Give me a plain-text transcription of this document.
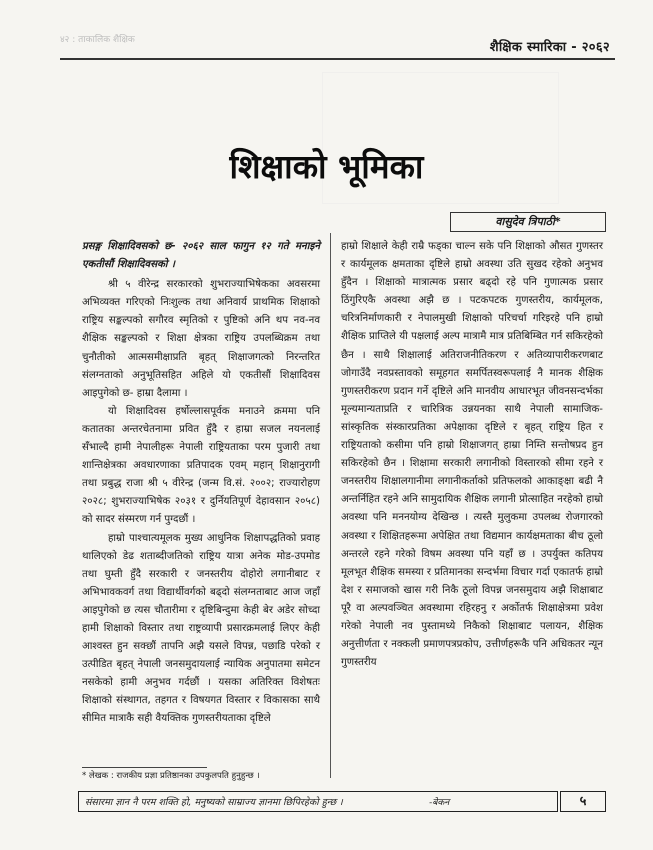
४२ : ताकालिक शैक्षिक	शैक्षिक स्मारिका - २०६२
शिक्षाको भूमिका
वासुदेव त्रिपाठी*

प्रसङ्ग शिक्षादिवसको छ- २०६२ साल फागुन १२ गते मनाइने एकतीसौं शिक्षादिवसको ।

श्री ५ वीरेन्द्र सरकारको शुभराज्याभिषेकका अवसरमा अभिव्यक्त गरिएको निःशुल्क तथा अनिवार्य प्राथमिक शिक्षाको राष्ट्रिय सङ्कल्पको सगौरव स्मृतिको र पुष्टिको अनि थप नव-नव शैक्षिक सङ्कल्पको र शिक्षा क्षेत्रका राष्ट्रिय उपलब्धिक्रम तथा चुनौतीको आत्मसमीक्षाप्रति बृहत् शिक्षाजगत्को निरन्तरित संलग्नताको अनुभूतिसहित अहिले यो एकतीसौं शिक्षादिवस आइपुगेको छ- हाम्रा दैलामा ।

यो शिक्षादिवस हर्षोल्लासपूर्वक मनाउने क्रममा पनि कतातका अन्तरचेतनामा प्रवित हुँदै र हाम्रा सजल नयनलाई सँभाल्दै हामी नेपालीहरू नेपाली राष्ट्रियताका परम पुजारी तथा शान्तिक्षेत्रका अवधारणाका प्रतिपादक एवम् महान् शिक्षानुरागी तथा प्रबुद्ध राजा श्री ५ वीरेन्द्र (जन्म वि.सं. २००२; राज्यारोहण २०२८; शुभराज्याभिषेक २०३१ र दुर्नियतिपूर्ण देहावसान २०५८) को सादर संस्मरण गर्न पुग्दछौं ।

हाम्रो पाश्चात्यमूलक मुख्य आधुनिक शिक्षापद्धतिको प्रवाह थालिएको डेढ शताब्दीजतिको राष्ट्रिय यात्रा अनेक मोड-उपमोड तथा घुम्ती हुँदै सरकारी र जनस्तरीय दोहोरो लगानीबाट र अभिभावकवर्ग तथा विद्यार्थीवर्गको बढ्दो संलग्नताबाट आज जहाँ आइपुगेको छ त्यस चौतारीमा र दृष्टिबिन्दुमा केही बेर अडेर सोच्दा हामी शिक्षाको विस्तार तथा राष्ट्रव्यापी प्रसारक्रमलाई लिएर केही आश्वस्त हुन सक्छौं तापनि अझै यसले विपन्न, पछाडि परेको र उत्पीडित बृहत् नेपाली जनसमुदायलाई न्यायिक अनुपातमा समेटन नसकेको हामी अनुभव गर्दछौं । यसका अतिरिक्त विशेषतः शिक्षाको संस्थागत, तहगत र विषयगत विस्तार र विकासका साथै सीमित मात्राकै सही वैयक्तिक गुणस्तरीयताका दृष्टिले

हाम्रो शिक्षाले केही राम्रै फड्का चाल्न सके पनि शिक्षाको औसत गुणस्तर र कार्यमूलक क्षमताका दृष्टिले हाम्रो अवस्था उति सुखद रहेको अनुभव हुँदैन । शिक्षाको मात्रात्मक प्रसार बढ्दो रहे पनि गुणात्मक प्रसार ठिंगुरिएकै अवस्था अझै छ । पटकपटक गुणस्तरीय, कार्यमूलक, चरित्रनिर्माणकारी र नेपालमुखी शिक्षाको परिचर्चा गरिइरहे पनि हाम्रो शैक्षिक प्राप्तिले यी पक्षलाई अल्प मात्रामै मात्र प्रतिबिम्बित गर्न सकिरहेको छैन । साथै शिक्षालाई अतिराजनीतिकरण र अतिव्यापारीकरणबाट जोगाउँदै नवप्रस्तावको समूहगत समर्पितस्वरूपलाई नै मानक शैक्षिक गुणस्तरीकरण प्रदान गर्ने दृष्टिले अनि मानवीय आधारभूत जीवनसन्दर्भका मूल्यमान्यताप्रति र चारित्रिक उन्नयनका साथै नेपाली सामाजिक-सांस्कृतिक संस्कारप्रतिका अपेक्षाका दृष्टिले र बृहत् राष्ट्रिय हित र राष्ट्रियताको कसीमा पनि हाम्रो शिक्षाजगत् हाम्रा निम्ति सन्तोषप्रद हुन सकिरहेको छैन । शिक्षामा सरकारी लगानीको विस्तारको सीमा रहने र जनस्तरीय शिक्षालगानीमा लगानीकर्ताको प्रतिफलको आकाङ्क्षा बढी नै अन्तर्निहित रहने अनि सामुदायिक शैक्षिक लगानी प्रोत्साहित नरहेको हाम्रो अवस्था पनि मननयोग्य देखिन्छ । त्यस्तै मुलुकमा उपलब्ध रोजगारको अवस्था र शिक्षितहरूमा अपेक्षित तथा विद्यमान कार्यक्षमताका बीच ठूलो अन्तरले रहने गरेको विषम अवस्था पनि यहाँ छ । उपर्युक्त कतिपय मूलभूत शैक्षिक समस्या र प्रतिमानका सन्दर्भमा विचार गर्दा एकातर्फ हाम्रो देश र समाजको खास गरी निकै ठूलो विपन्न जनसमुदाय अझै शिक्षाबाट पूरै वा अल्पवञ्चित अवस्थामा रहिरहनु र अर्कोतर्फ शिक्षाक्षेत्रमा प्रवेश गरेको नेपाली नव पुस्तामध्ये निकैको शिक्षाबाट पलायन, शैक्षिक अनुत्तीर्णता र नक्कली प्रमाणपत्रप्रकोप, उत्तीर्णहरूकै पनि अधिकतर न्यून गुणस्तरीय

* लेखक : राजकीय प्रज्ञा प्रतिष्ठानका उपकुलपति हुनुहुन्छ ।
संसारमा ज्ञान नै परम शक्ति हो, मनुष्यको साम्राज्य ज्ञानमा छिपिरहेको हुन्छ ।	-बेकन	५
